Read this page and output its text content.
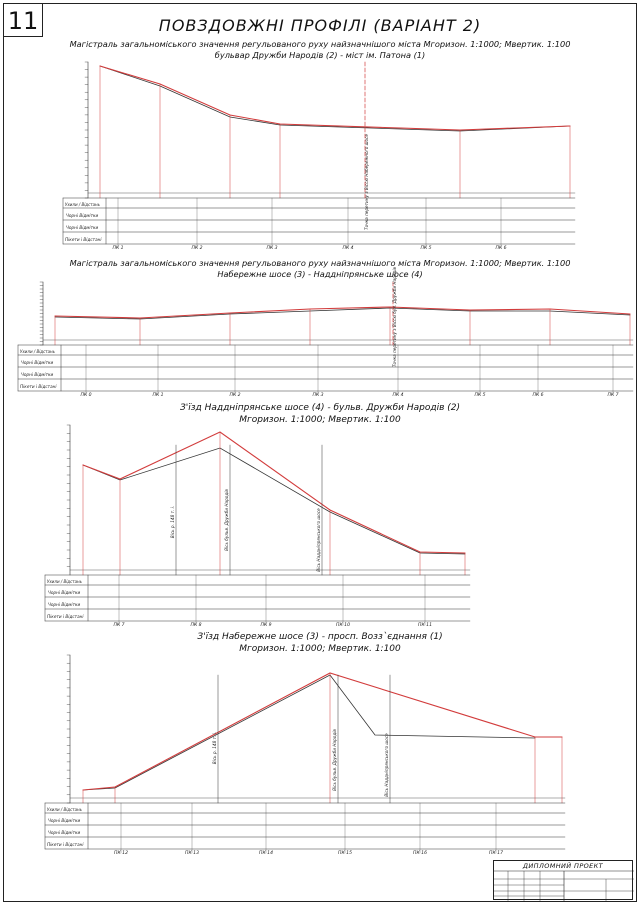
11	ПОВЗДОВЖНІ ПРОФІЛІ (ВАРІАНТ 2)
Магістраль загальноміського значення регульованого руху найзначнішого міста Мгоризон. 1:1000; Мвертик. 1:100
бульвар Дружби Народів (2) - міст ім. Патона (1)
Магістраль загальноміського значення регульованого руху найзначнішого міста Мгоризон. 1:1000; Мвертик. 1:100
Набережне шосе (3) - Наддніпрянське шосе (4)
З'їзд Наддніпрянське шосе (4) - бульв. Дружби Народів (2)
Мгоризон. 1:1000; Мвертик. 1:100
З'їзд Набережне шосе (3) - просп. Возз`єднання (1)
Мгоризон. 1:1000; Мвертик. 1:100
Ухили / Відстань
Чорні Відмітки
Чорні Відмітки
Пікети і Відстані
ПК 1	ПК 2	ПК 3	ПК 4	ПК 5	ПК 6
Точка перетину з Віссю Набережного шосе
Ухили / Відстань
Чорні Відмітки
Чорні Відмітки
Пікети і Відстані
ПК 0	ПК 1	ПК 2	ПК 3	ПК 4	ПК 5	ПК 6	ПК 7
Точка перетину з Віссю бул. Дружби Народів
Ухили / Відстань
Чорні Відмітки
Чорні Відмітки
Пікети і Відстані
ПК 7	ПК 8	ПК 9	ПК 10	ПК 11
Вісь бульв. Дружби Народів	Вісь Наддніпрянського шосе
Вісь р. 148 т. і.
Ухили / Відстань
Чорні Відмітки
Чорні Відмітки
Пікети і Відстані
ПК 12	ПК 13	ПК 14	ПК 15	ПК 16	ПК 17
Вісь бульв. Дружби Народів	Вісь Наддніпрянського шосе
Вісь р. 148 т. і.
ДИПЛОМНИЙ ПРОЕКТ
